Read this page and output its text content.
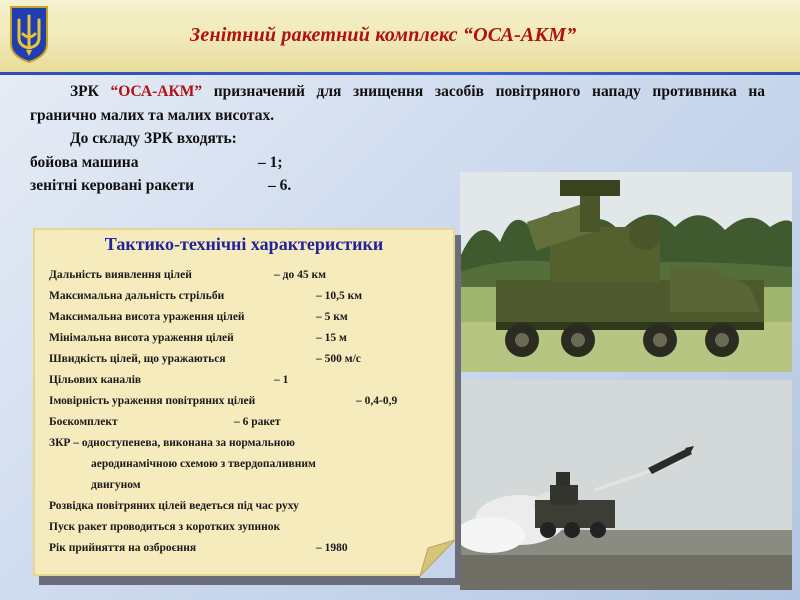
Зенітний ракетний комплекс “ОСА-АКМ”

ЗРК “ОСА-АКМ” призначений для знищення засобів повітряного нападу противника на гранично малих та малих висотах.

До складу ЗРК входять:

бойова машина	– 1;

зенітні керовані ракети	– 6.

Тактико-технічні характеристики
Дальність виявлення цілей	– до 45 км
Максимальна дальність стрільби	– 10,5 км
Максимальна висота ураження цілей	– 5 км
Мінімальна висота ураження цілей	– 15 м
Швидкість цілей, що уражаються	– 500 м/с
Цільових каналів	– 1
Імовірність ураження повітряних цілей	– 0,4-0,9
Боєкомплект	– 6 ракет
ЗКР – одноступенева, виконана за нормальною
аеродинамічною схемою з твердопаливним
двигуном
Розвідка повітряних цілей ведеться під час руху
Пуск ракет проводиться з коротких зупинок
Рік прийняття на озброєння	– 1980
